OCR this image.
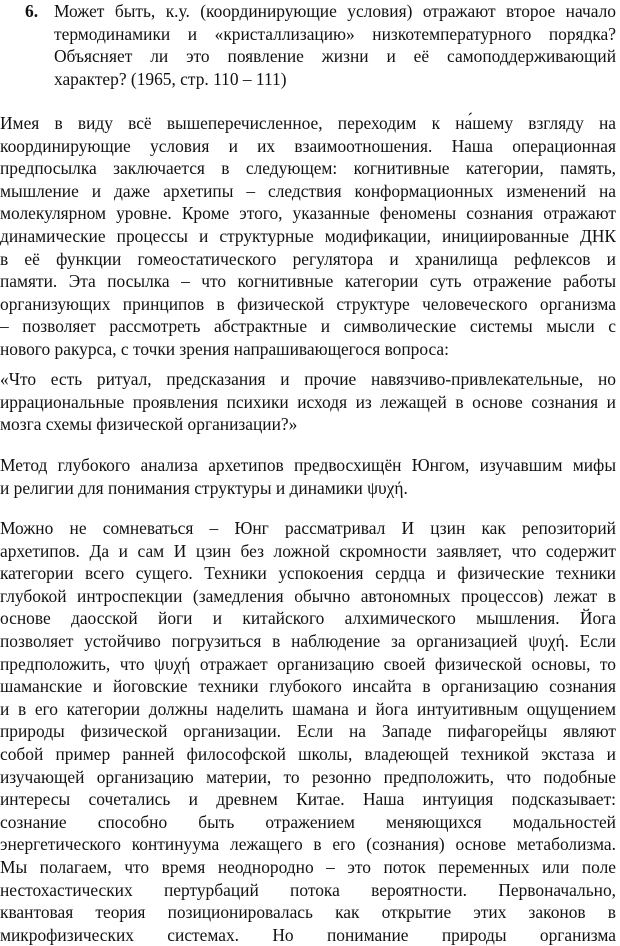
6. Может быть, к.у. (координирующие условия) отражают второе начало
термодинамики и «кристаллизацию» низкотемпературного порядка?
Объясняет ли это появление жизни и её самоподдерживающий
характер? (1965, стр. 110 – 111)

Имея в виду всё вышеперечисленное, переходим к на́шему взгляду на
координирующие условия и их взаимоотношения. Наша операционная
предпосылка заключается в следующем: когнитивные категории, память,
мышление и даже архетипы – следствия конформационных изменений на
молекулярном уровне. Кроме этого, указанные феномены сознания отражают
динамические процессы и структурные модификации, инициированные ДНК
в её функции гомеостатического регулятора и хранилища рефлексов и
памяти. Эта посылка – что когнитивные категории суть отражение работы
организующих принципов в физической структуре человеческого организма
– позволяет рассмотреть абстрактные и символические системы мысли с
нового ракурса, с точки зрения напрашивающегося вопроса:

«Что есть ритуал, предсказания и прочие навязчиво-привлекательные, но
иррациональные проявления психики исходя из лежащей в основе сознания и
мозга схемы физической организации?»

Метод глубокого анализа архетипов предвосхищён Юнгом, изучавшим мифы
и религии для понимания структуры и динамики ψυχή.

Можно не сомневаться – Юнг рассматривал И цзин как репозиторий
архетипов. Да и сам И цзин без ложной скромности заявляет, что содержит
категории всего сущего. Техники успокоения сердца и физические техники
глубокой интроспекции (замедления обычно автономных процессов) лежат в
основе даосской йоги и китайского алхимического мышления. Йога
позволяет устойчиво погрузиться в наблюдение за организацией ψυχή. Если
предположить, что ψυχή отражает организацию своей физической основы, то
шаманские и йоговские техники глубокого инсайта в организацию сознания
и в его категории должны наделить шамана и йога интуитивным ощущением
природы физической организации. Если на Западе пифагорейцы являют
собой пример ранней философской школы, владеющей техникой экстаза и
изучающей организацию материи, то резонно предположить, что подобные
интересы сочетались и древнем Китае. Наша интуиция подсказывает:
сознание способно быть отражением меняющихся модальностей
энергетического континуума лежащего в его (сознания) основе метаболизма.
Мы полагаем, что время неоднородно – это поток переменных или поле
нестохастических пертурбаций потока вероятности. Первоначально,
квантовая теория позиционировалась как открытие этих законов в
микрофизических системах. Но понимание природы организма
